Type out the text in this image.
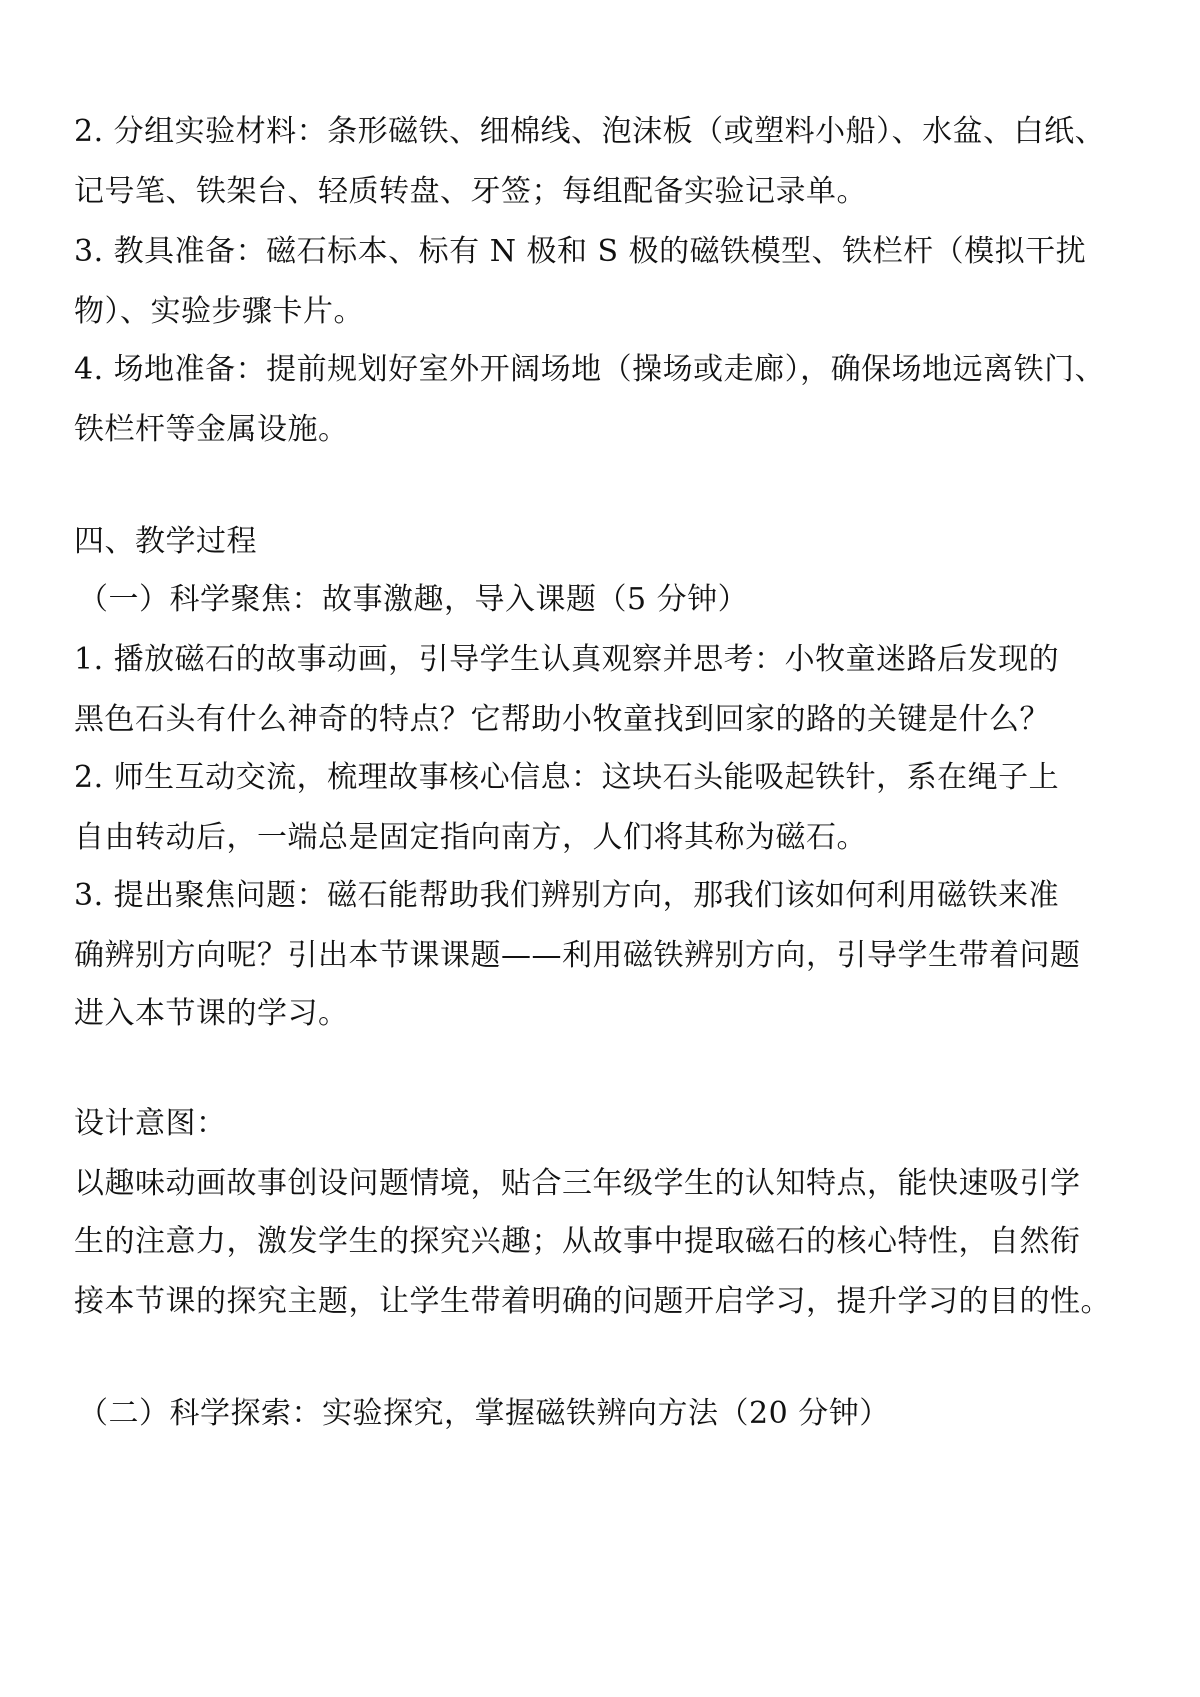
2. 分组实验材料：条形磁铁、细棉线、泡沫板（或塑料小船）、水盆、白纸、
记号笔、铁架台、轻质转盘、牙签；每组配备实验记录单。
3. 教具准备：磁石标本、标有 N 极和 S 极的磁铁模型、铁栏杆（模拟干扰
物）、实验步骤卡片。
4. 场地准备：提前规划好室外开阔场地（操场或走廊），确保场地远离铁门、
铁栏杆等金属设施。
四、教学过程
（一）科学聚焦：故事激趣，导入课题（5 分钟）
1. 播放磁石的故事动画，引导学生认真观察并思考：小牧童迷路后发现的
黑色石头有什么神奇的特点？它帮助小牧童找到回家的路的关键是什么？
2. 师生互动交流，梳理故事核心信息：这块石头能吸起铁针，系在绳子上
自由转动后，一端总是固定指向南方，人们将其称为磁石。
3. 提出聚焦问题：磁石能帮助我们辨别方向，那我们该如何利用磁铁来准
确辨别方向呢？引出本节课课题——利用磁铁辨别方向，引导学生带着问题
进入本节课的学习。
设计意图：
以趣味动画故事创设问题情境，贴合三年级学生的认知特点，能快速吸引学
生的注意力，激发学生的探究兴趣；从故事中提取磁石的核心特性，自然衔
接本节课的探究主题，让学生带着明确的问题开启学习，提升学习的目的性。
（二）科学探索：实验探究，掌握磁铁辨向方法（20 分钟）
